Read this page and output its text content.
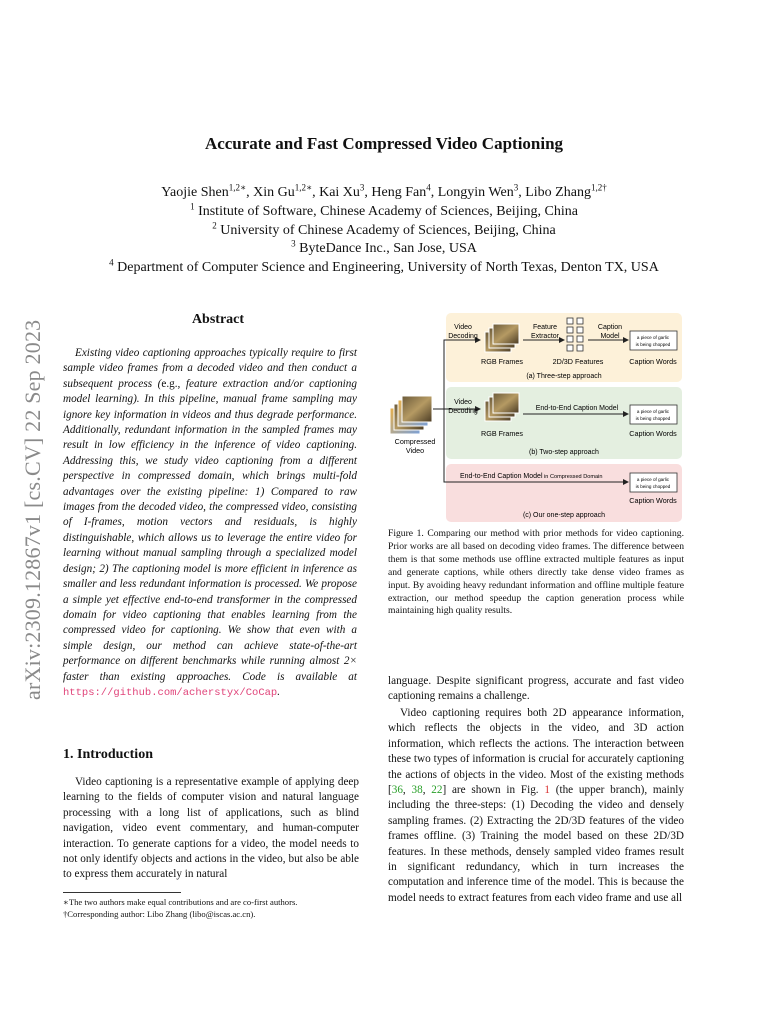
arXiv:2309.12867v1 [cs.CV] 22 Sep 2023
Accurate and Fast Compressed Video Captioning
Yaojie Shen$^{1,2∗}$, Xin $Gu^{1,2∗}$, Kai Xu$^3$, Heng Fan$^4$, Longyin Wen$^3$, Libo Zhang$^{1,2\dagger}$
$^1$ Institute of Software, Chinese Academy of Sciences, Beijing, China
$^2$ University of Chinese Academy of Sciences, Beijing, China
$^3$ ByteDance Inc., San Jose, USA
$^4$ Department of Computer Science and Engineering, University of North Texas, Denton TX, USA
Abstract
Existing video captioning approaches typically require to first sample video frames from a decoded video and then conduct a subsequent process (e.g., feature extraction and/or captioning model learning). In this pipeline, manual frame sampling may ignore key information in videos and thus degrade performance. Additionally, redundant information in the sampled frames may result in low efficiency in the inference of video captioning. Addressing this, we study video captioning from a different perspective in compressed domain, which brings multi-fold advantages over the existing pipeline: 1) Compared to raw images from the decoded video, the compressed video, consisting of I-frames, motion vectors and residuals, is highly distinguishable, which allows us to leverage the entire video for learning without manual sampling through a specialized model design; 2) The captioning model is more efficient in inference as smaller and less redundant information is processed. We propose a simple yet effective end-to-end transformer in the compressed domain for video captioning that enables learning from the compressed video for captioning. We show that even with a simple design, our method can achieve state-of-the-art performance on different benchmarks while running almost 2× faster than existing approaches. Code is available at https://github.com/acherstyx/CoCap.
1. Introduction
Video captioning is a representative example of applying deep learning to the fields of computer vision and natural language processing with a long list of applications, such as blind navigation, video event commentary, and human-computer interaction. To generate captions for a video, the model needs to not only identify objects and actions in the video, but also be able to express them accurately in natural
∗The two authors make equal contributions and are co-first authors.
†Corresponding author: Libo Zhang (libo@iscas.ac.cn).
language. Despite significant progress, accurate and fast video captioning remains a challenge.
Video captioning requires both 2D appearance information, which reflects the objects in the video, and 3D action information, which reflects the actions. The interaction between these two types of information is crucial for accurately captioning the actions of objects in the video. Most of the existing methods [36, 38, 22] are shown in Fig. 1 (the upper branch), mainly including the three-steps: (1) Decoding the video and densely sampling frames. (2) Extracting the 2D/3D features of the video frames offline. (3) Training the model based on these 2D/3D features. In these methods, densely sampled video frames result in significant redundancy, which in turn increases the computation and inference time of the model. This is because the model needs to extract features from each video frame and use all
Figure 1. Comparing our method with prior methods for video captioning. Prior works are all based on decoding video frames. The difference between them is that some methods use offline extracted multiple features as input and generate captions, while others directly take dense video frames as input. By avoiding heavy redundant information and offline multiple feature extraction, our method speedup the caption generation process while maintaining high quality results.
Compressed
Video
Video
Decoding
RGB Frames
Feature
Extractor
2D/3D Features
Caption
Model	a piece of garlic
is being chopped
Caption Words
(a) Three-step approach
Video
Decoding
RGB Frames
End-to-End Caption Model	a piece of garlic
is being chopped
Caption Words
(b) Two-step approach
End-to-End Caption Model in Compressed Domain	a piece of garlic
is being chopped
Caption Words
(c) Our one-step approach
